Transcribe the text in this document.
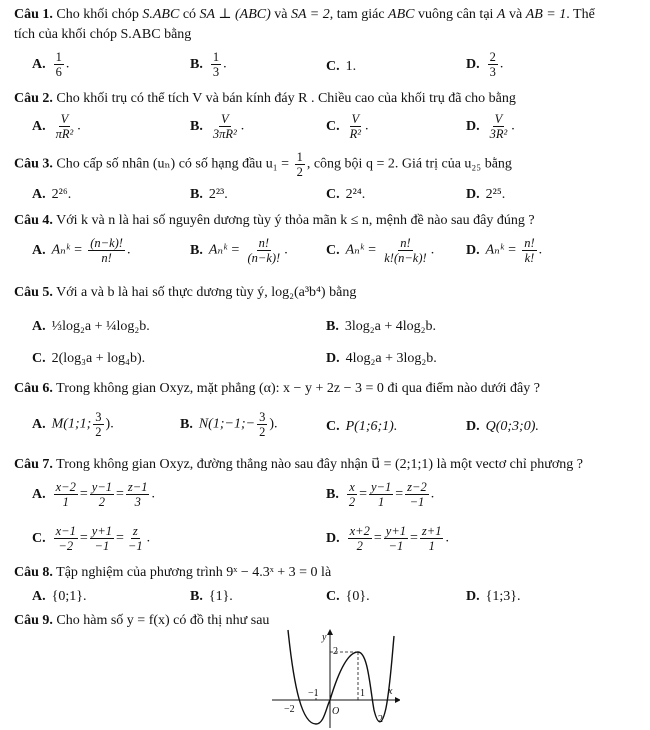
Câu 1. Cho khối chóp S.ABC có SA ⊥ (ABC) và SA = 2, tam giác ABC vuông cân tại A và AB = 1. Thể
tích của khối chóp S.ABC bằng
A. $\frac{1}{6}$ .	B. $\frac{1}{3}$ .	C. 1.	D. $\frac{2}{3}$ .
Câu 2. Cho khối trụ có thể tích V và bán kính đáy R . Chiều cao của khối trụ đã cho bằng
A. $\frac{V}{\text{πR²}}$ .	B. $\frac{V}{\text{3πR²}}$ .	C. $\frac{V}{\text{R²}}$ .	D. $\frac{V}{\text{3R²}}$ .
Câu 3. Cho cấp số nhân (uₙ) có số hạng đầu $u_1 = \frac{1}{2}$ , công bội q = 2. Giá trị của u₂₅ bằng
A. 2²⁶.	B. 2²³.	C. 2²⁴.	D. 2²⁵.
Câu 4. Với k và n là hai số nguyên dương tùy ý thỏa mãn k ≤ n, mệnh đề nào sau đây đúng ?
A. Aₙᵏ = $\frac{(n-k)!}{n!}$ .	B. Aₙᵏ = $\frac{n!}{(n-k)!}$ .	C. Aₙᵏ = $\frac{n!}{k!(n-k)!}$ . D. Aₙᵏ = $\frac{n!}{k!}$ .
Câu 5. Với a và b là hai số thực dương tùy ý, log₂(a³b⁴) bằng
A. ⅓log₂a + ¼log₂b.	B. 3log₂a + 4log₂b.
C. 2(log₃a + log₄b).	D. 4log₂a + 3log₂b.
Câu 6. Trong không gian Oxyz, mặt phẳng (α): x − y + 2z − 3 = 0 đi qua điểm nào dưới đây ?
A. M(1;1; $\frac{3}{2}$ ).	B. N(1;−1;− $\frac{3}{2}$ ).	C. P(1;6;1).	D. Q(0;3;0).
Câu 7. Trong không gian Oxyz, đường thẳng nào sau đây nhận u⃗ = (2;1;1) là một vectơ chỉ phương ?
A. $\frac{x-2}{1} = \frac{y-1}{2} = \frac{z-1}{3}$ .	B. $\frac{x}{2} = \frac{y-1}{1} = \frac{z-2}{-1}$ .
C. $\frac{x-1}{-2} = \frac{y+1}{-1} = \frac{z}{-1}$ .	D. $\frac{x+2}{2} = \frac{y+1}{-1} = \frac{z+1}{1}$ .
Câu 8. Tập nghiệm của phương trình 9ˣ − 4.3ˣ + 3 = 0 là
A. {0;1}.	B. {1}.	C. {0}.	D. {1;3}.
Câu 9. Cho hàm số y = f(x) có đồ thị như sau
y
x
O
2
−1	1
−2
2
